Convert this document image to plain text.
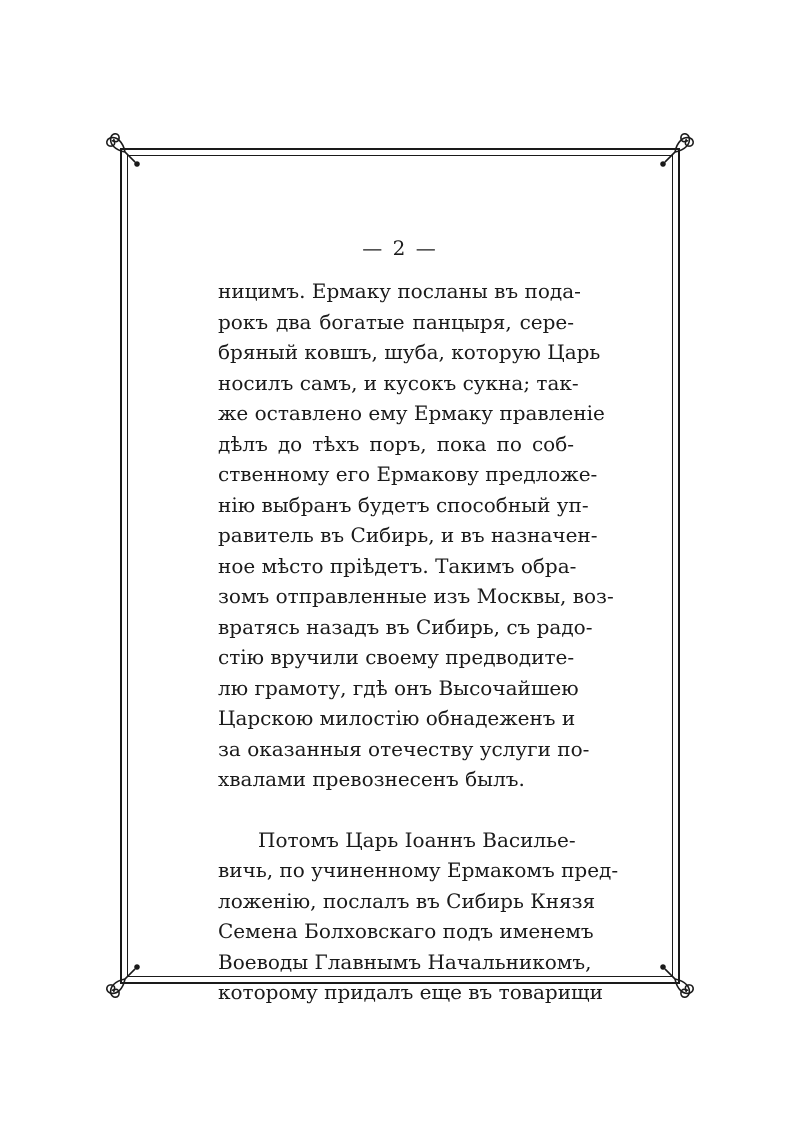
— 2 —
ницимъ. Ермаку посланы въ пода-
рокъ два богатые панцыря, сере-
бряный ковшъ, шуба, которую Царь
носилъ самъ, и кусокъ сукна; так-
же оставлено ему Ермаку правленіе
дѣлъ до тѣхъ поръ, пока по соб-
ственному его Ермакову предложе-
нію выбранъ будетъ способный уп-
равитель въ Сибирь, и въ назначен-
ное мѣсто пріѣдетъ. Такимъ обра-
зомъ отправленные изъ Москвы, воз-
вратясь назадъ въ Сибирь, съ радо-
стію вручили своему предводите-
лю грамоту, гдѣ онъ Высочайшею
Царскою милостію обнадеженъ и
за оказанныя отечеству услуги по-
хвалами превознесенъ былъ.
Потомъ Царь Іоаннъ Васильe-
вичь, по учиненному Ермакомъ пред-
ложенію, послалъ въ Сибирь Князя
Семена Болховскаго подъ именемъ
Воеводы Главнымъ Начальникомъ,
которому придалъ еще въ товарищи
